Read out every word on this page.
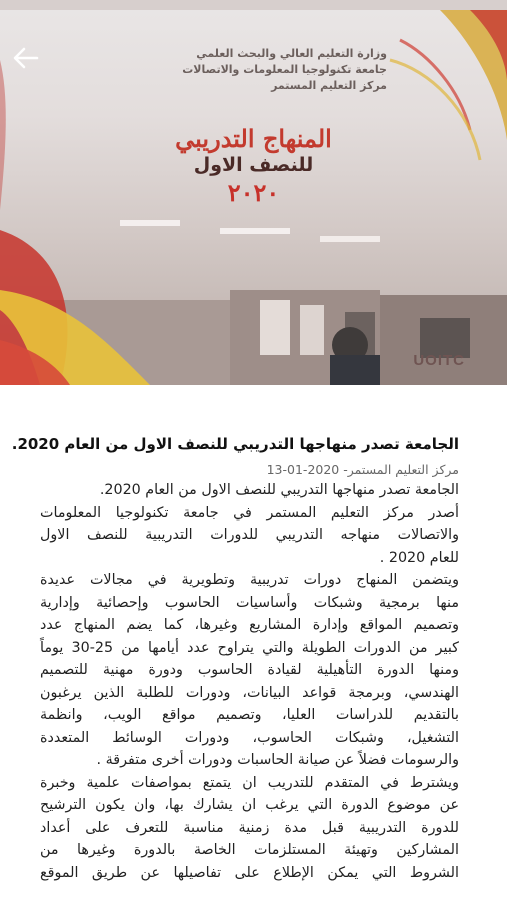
وزارة التعليم العالي والبحث العلمي
جامعة تكنولوجيا المعلومات والاتصالات
مركز التعليم المستمر
المنهاج التدريبي
للنصف الاول
٢٠٢٠
UOITC
الجامعة تصدر منهاجها التدريبي للنصف الاول من العام 2020.
مركز التعليم المستمر- 2020-01-13
الجامعة تصدر منهاجها التدريبي للنصف الاول من العام 2020.
أصدر مركز التعليم المستمر في جامعة تكنولوجيا المعلومات
والاتصالات منهاجه التدريبي للدورات التدريبية للنصف الاول
للعام 2020 .
ويتضمن المنهاج دورات تدريبية وتطويرية في مجالات عديدة
منها برمجية وشبكات وأساسيات الحاسوب وإحصائية وإدارية
وتصميم المواقع وإدارة المشاريع وغيرها، كما يضم المنهاج عدد
كبير من الدورات الطويلة والتي يتراوح عدد أيامها من 25-30 يوماً
ومنها الدورة التأهيلية لقيادة الحاسوب ودورة مهنية للتصميم
الهندسي، وبرمجة قواعد البيانات، ودورات للطلبة الذين يرغبون
بالتقديم للدراسات العليا، وتصميم مواقع الويب، وانظمة
التشغيل، وشبكات الحاسوب، ودورات الوسائط المتعددة
والرسومات فضلاً عن صيانة الحاسبات ودورات أخرى متفرقة .
ويشترط في المتقدم للتدريب ان يتمتع بمواصفات علمية وخبرة
عن موضوع الدورة التي يرغب ان يشارك بها، وان يكون الترشيح
للدورة التدريبية قبل مدة زمنية مناسبة للتعرف على أعداد
المشاركين وتهيئة المستلزمات الخاصة بالدورة وغيرها من
الشروط التي يمكن الإطلاع على تفاصيلها عن طريق الموقع
